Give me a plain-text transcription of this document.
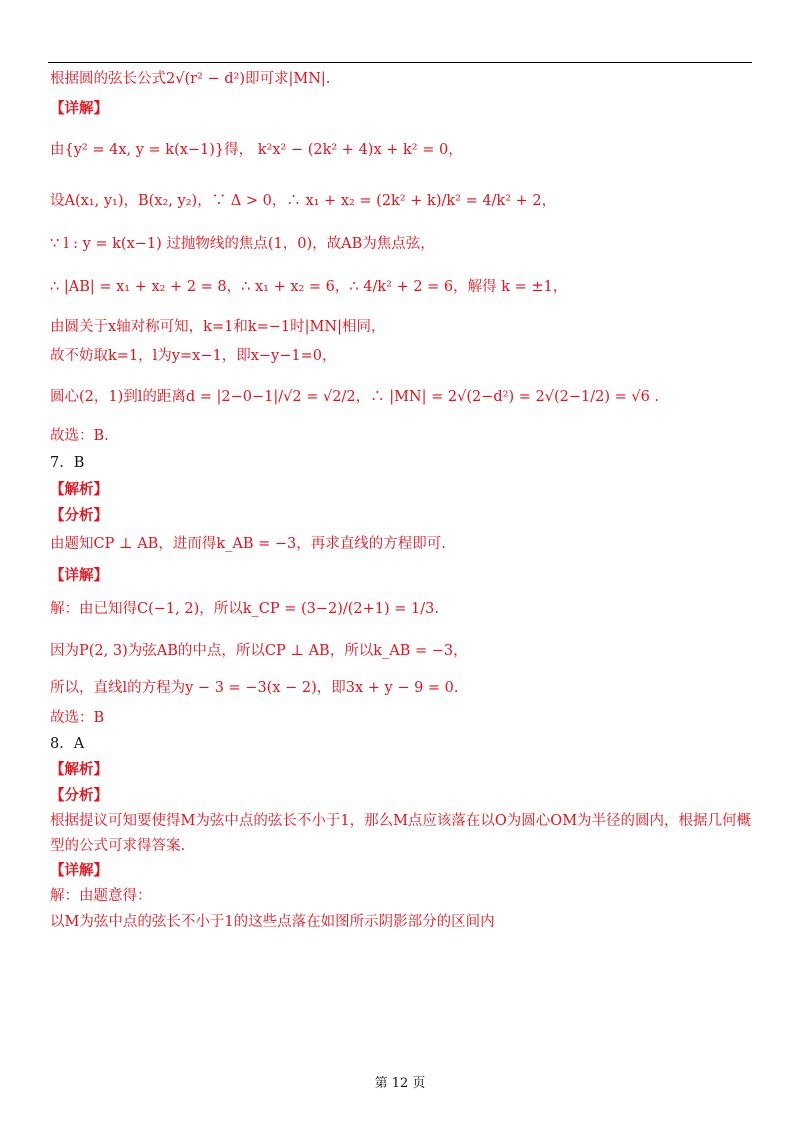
根据圆的弦长公式2√(r² − d²)即可求|MN|.
【详解】
由{y² = 4x, y = k(x−1)}得， k²x² − (2k² + 4)x + k² = 0，
设A(x₁, y₁)，B(x₂, y₂)，∵ Δ > 0，∴ x₁ + x₂ = (2k² + k)/k² = 4/k² + 2，
∵ l : y = k(x−1) 过抛物线的焦点(1，0)，故AB为焦点弦，
∴ |AB| = x₁ + x₂ + 2 = 8，∴ x₁ + x₂ = 6，∴ 4/k² + 2 = 6，解得 k = ±1，
由圆关于x轴对称可知，k=1和k=−1时|MN|相同，
故不妨取k=1，l为y=x−1，即x−y−1=0，
圆心(2，1)到l的距离d = |2−0−1|/√2 = √2/2，∴ |MN| = 2√(2−d²) = 2√(2−1/2) = √6 .
故选：B.
7．B
【解析】
【分析】
由题知CP ⊥ AB，进而得k_AB = −3，再求直线的方程即可.
【详解】
解：由已知得C(−1, 2)，所以k_CP = (3−2)/(2+1) = 1/3.
因为P(2, 3)为弦AB的中点，所以CP ⊥ AB，所以k_AB = −3，
所以，直线l的方程为y − 3 = −3(x − 2)，即3x + y − 9 = 0.
故选：B
8．A
【解析】
【分析】
根据提议可知要使得M为弦中点的弦长不小于1，那么M点应该落在以O为圆心OM为半径的圆内，根据几何概
型的公式可求得答案.
【详解】
解：由题意得：
以M为弦中点的弦长不小于1的这些点落在如图所示阴影部分的区间内
第 12 页
